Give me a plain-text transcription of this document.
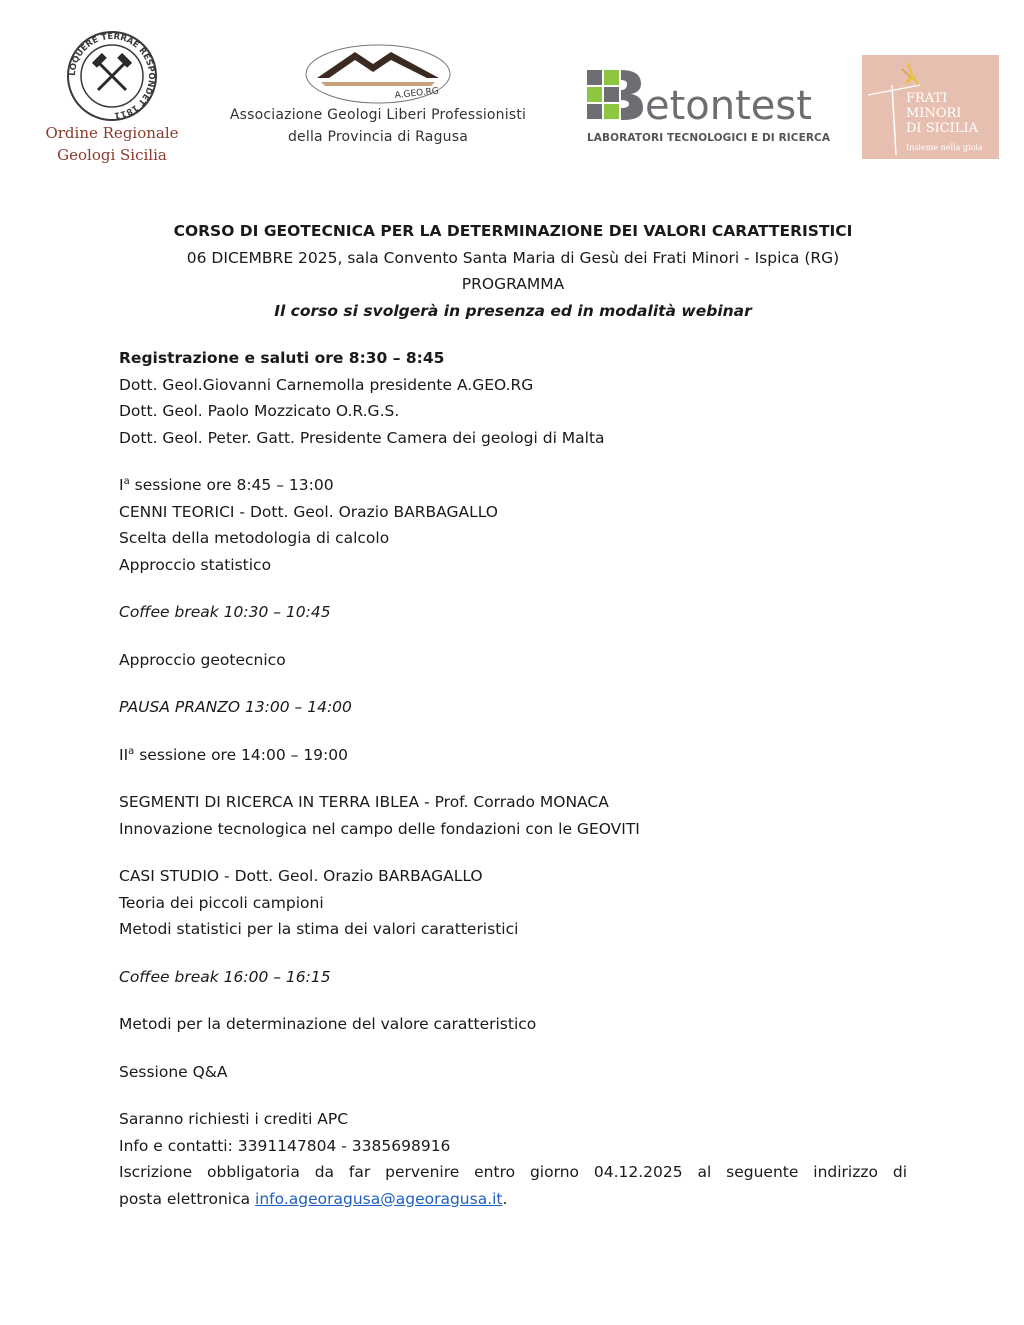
LOQUERE TERRAE RESPONDET 1811
Ordine Regionale
Geologi Sicilia
A.GEO.RG
Associazione Geologi Liberi Professionisti
della Provincia di Ragusa
etontest
LABORATORI TECNOLOGICI E DI RICERCA
FRATI
MINORI
DI SICILIA
Insieme nella gioia

CORSO DI GEOTECNICA PER LA DETERMINAZIONE DEI VALORI CARATTERISTICI

06 DICEMBRE 2025, sala Convento Santa Maria di Gesù dei Frati Minori - Ispica (RG)

PROGRAMMA

Il corso si svolgerà in presenza ed in modalità webinar

Registrazione e saluti ore 8:30 – 8:45

Dott. Geol.Giovanni Carnemolla presidente A.GEO.RG

Dott. Geol. Paolo Mozzicato O.R.G.S.

Dott. Geol. Peter. Gatt. Presidente Camera dei geologi di Malta

$I^a$ sessione ore 8:45 – 13:00

CENNI TEORICI - Dott. Geol. Orazio BARBAGALLO

Scelta della metodologia di calcolo

Approccio statistico

Coffee break 10:30 – 10:45

Approccio geotecnico

PAUSA PRANZO 13:00 – 14:00

$II^a$ sessione ore 14:00 – 19:00

SEGMENTI DI RICERCA IN TERRA IBLEA - Prof. Corrado MONACA

Innovazione tecnologica nel campo delle fondazioni con le GEOVITI

CASI STUDIO - Dott. Geol. Orazio BARBAGALLO

Teoria dei piccoli campioni

Metodi statistici per la stima dei valori caratteristici

Coffee break 16:00 – 16:15

Metodi per la determinazione del valore caratteristico

Sessione Q&A

Saranno richiesti i crediti APC

Info e contatti: 3391147804 - 3385698916

Iscrizione obbligatoria da far pervenire entro giorno 04.12.2025 al seguente indirizzo di

posta elettronica info.ageoragusa@ageoragusa.it.
